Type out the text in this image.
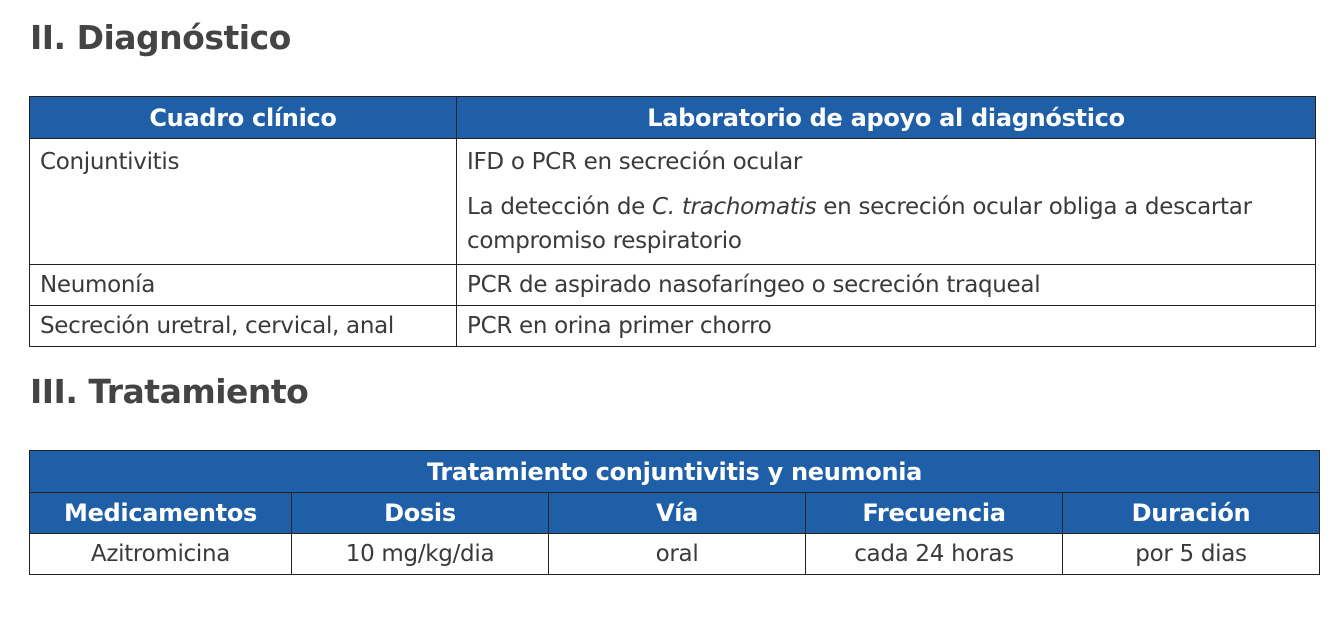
II. Diagnóstico
Cuadro clínico	Laboratorio de apoyo al diagnóstico
Conjuntivitis	IFD o PCR en secreción ocular

La detección de C. trachomatis en secreción ocular obliga a descartar compromiso respiratorio

Neumonía	PCR de aspirado nasofaríngeo o secreción traqueal
Secreción uretral, cervical, anal	PCR en orina primer chorro
III. Tratamiento
Tratamiento conjuntivitis y neumonia				
Medicamentos	Dosis	Vía	Frecuencia	Duración
Azitromicina	10 mg/kg/dia	oral	cada 24 horas	por 5 dias
